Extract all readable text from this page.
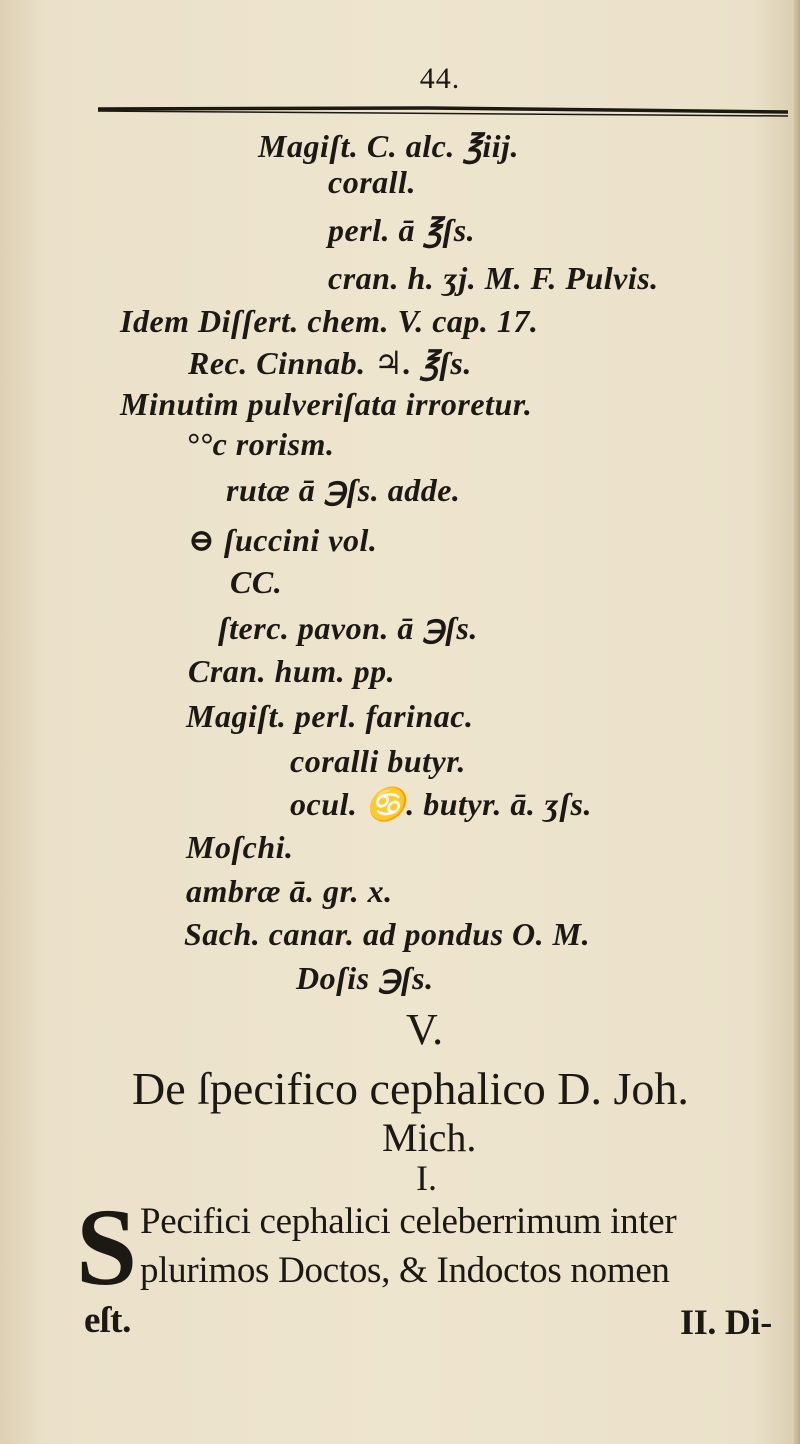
44.
Magiſt. C. alc. ℥iij.
corall.
perl. ā ℥ſs.
cran. h. ʒj. M. F. Pulvis.
Idem Diſſert. chem. V. cap. 17.
Rec. Cinnab. ♃. ℥ſs.
Minutim pulveriſata irroretur.
°°c rorism.
rutæ ā ℈ſs. adde.
⊖ ſuccini vol.
CC.
ſterc. pavon. ā ℈ſs.
Cran. hum. pp.
Magiſt. perl. farinac.
coralli butyr.
ocul. ♋. butyr. ā. ʒſs.
Moſchi.
ambræ ā. gr. x.
Sach. canar. ad pondus O. M.
Doſis ℈ſs.
V.
De ſpecifico cephalico D. Joh.
Mich.
I.
S Pecifici cephalici celeberrimum inter
plurimos Doctos, & Indoctos nomen
eſt.	II. Di-
